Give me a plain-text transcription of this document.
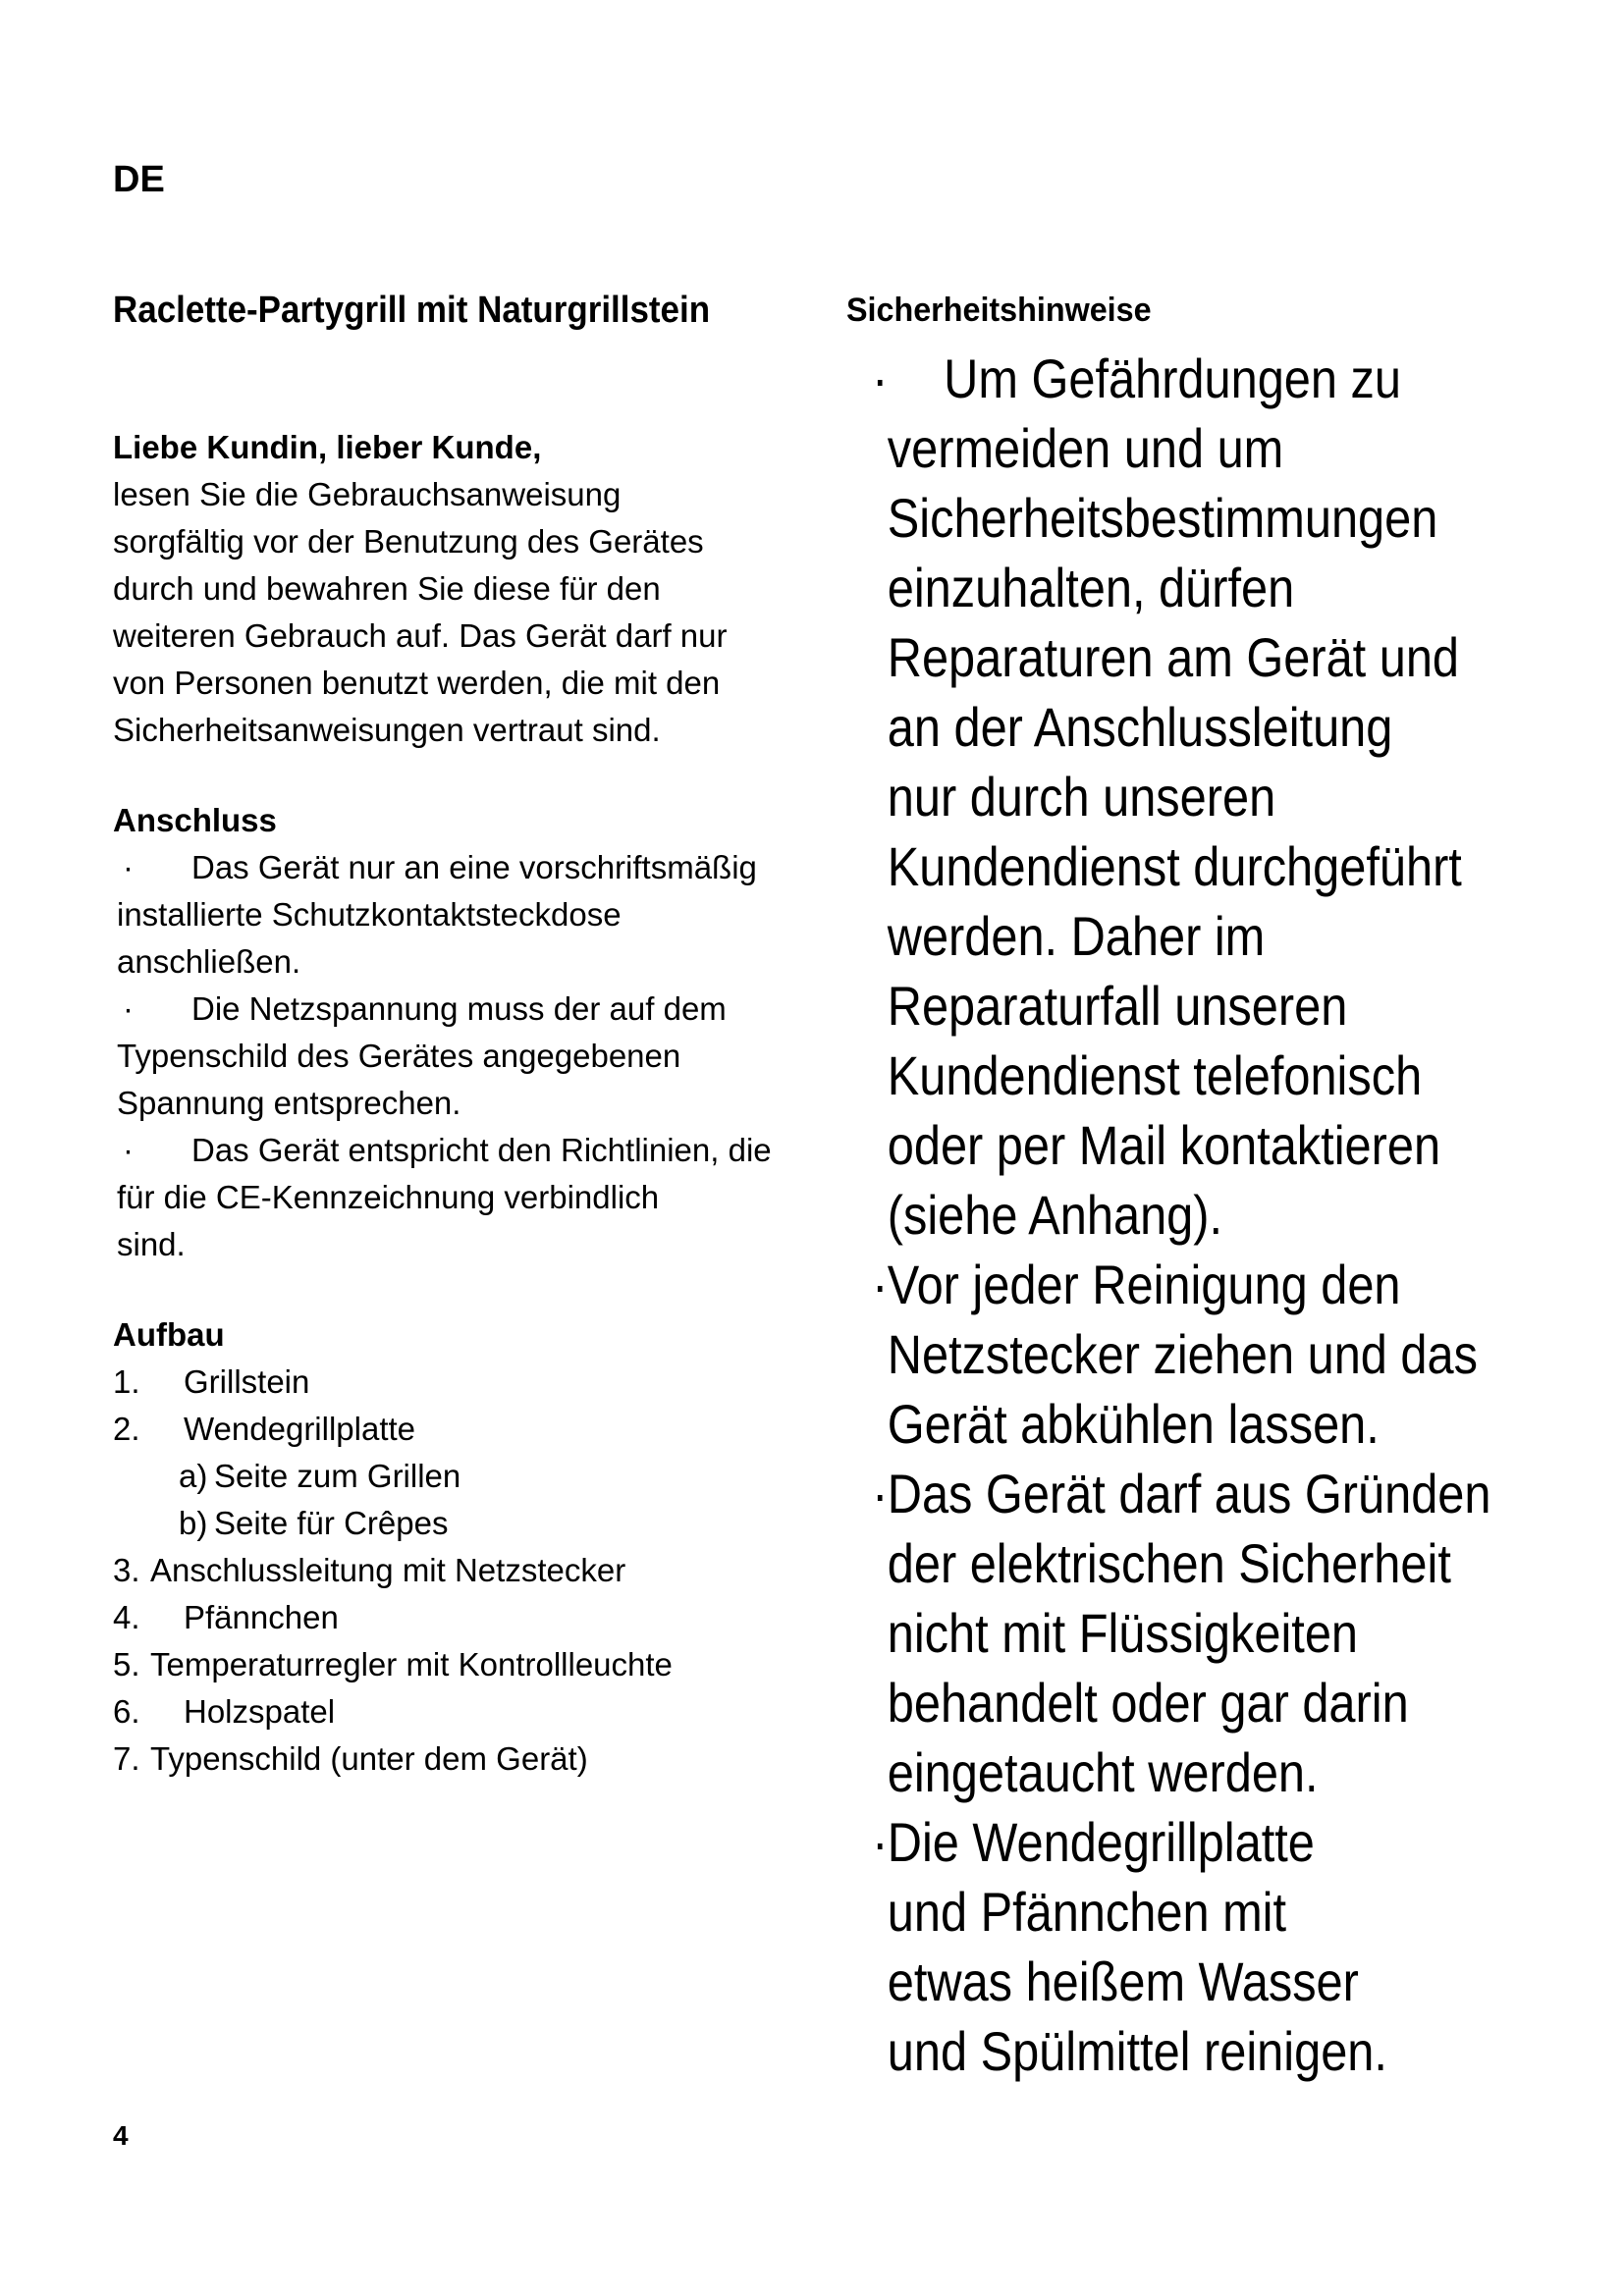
DE

Raclette-Partygrill mit Naturgrillstein

Liebe Kundin, lieber Kunde,
lesen Sie die Gebrauchsanweisung
sorgfältig vor der Benutzung des Gerätes
durch und bewahren Sie diese für den
weiteren Gebrauch auf. Das Gerät darf nur
von Personen benutzt werden, die mit den
Sicherheitsanweisungen vertraut sind.
Anschluss
· Das Gerät nur an eine vorschriftsmäßig
installierte Schutzkontaktsteckdose
anschließen.
· Die Netzspannung muss der auf dem
Typenschild des Gerätes angegebenen
Spannung entsprechen.
· Das Gerät entspricht den Richtlinien, die
für die CE-Kennzeichnung verbindlich
sind.
Aufbau
1. Grillstein
2. Wendegrillplatte
a) Seite zum Grillen
b) Seite für Crêpes
3. Anschlussleitung mit Netzstecker
4. Pfännchen
5. Temperaturregler mit Kontrollleuchte
6. Holzspatel
7. Typenschild (unter dem Gerät)

Sicherheitshinweise

·	Um Gefährdungen zu
vermeiden und um
Sicherheitsbestimmungen
einzuhalten, dürfen
Reparaturen am Gerät und
an der Anschlussleitung
nur durch unseren
Kundendienst durchgeführt
werden. Daher im
Reparaturfall unseren
Kundendienst telefonisch
oder per Mail kontaktieren
(siehe Anhang).
· Vor jeder Reinigung den
Netzstecker ziehen und das
Gerät abkühlen lassen.
· Das Gerät darf aus Gründen
der elektrischen Sicherheit
nicht mit Flüssigkeiten
behandelt oder gar darin
eingetaucht werden.
· Die Wendegrillplatte
und Pfännchen mit
etwas heißem Wasser
und Spülmittel reinigen.
4
